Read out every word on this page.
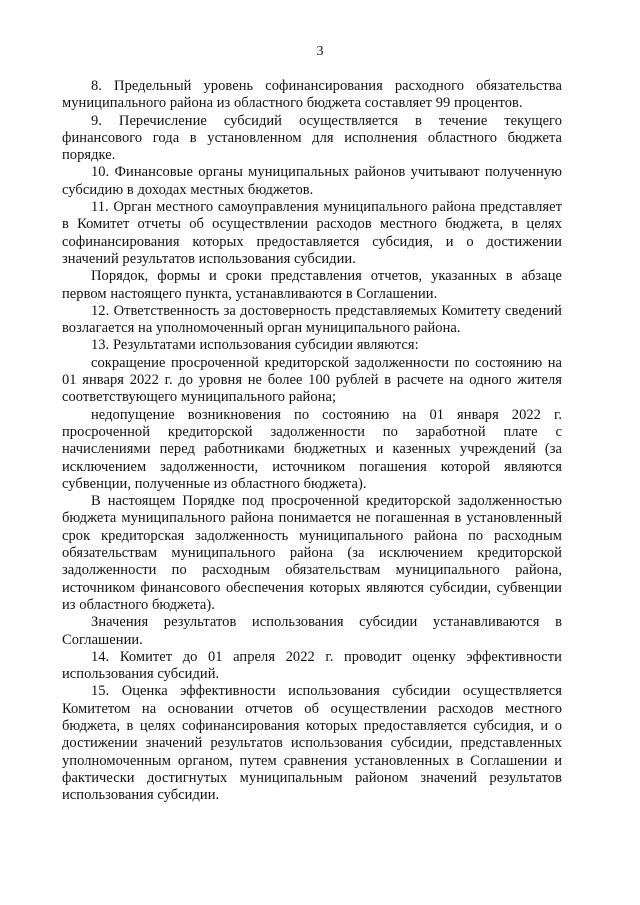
3

8. Предельный уровень софинансирования расходного обязательства муниципального района из областного бюджета составляет 99 процентов.

9. Перечисление субсидий осуществляется в течение текущего финансового года в установленном для исполнения областного бюджета порядке.

10. Финансовые органы муниципальных районов учитывают полученную субсидию в доходах местных бюджетов.

11. Орган местного самоуправления муниципального района представляет в Комитет отчеты об осуществлении расходов местного бюджета, в целях софинансирования которых предоставляется субсидия, и о достижении значений результатов использования субсидии.

Порядок, формы и сроки представления отчетов, указанных в абзаце первом настоящего пункта, устанавливаются в Соглашении.

12. Ответственность за достоверность представляемых Комитету сведений возлагается на уполномоченный орган муниципального района.

13. Результатами использования субсидии являются:

сокращение просроченной кредиторской задолженности по состоянию на 01 января 2022 г. до уровня не более 100 рублей в расчете на одного жителя соответствующего муниципального района;

недопущение возникновения по состоянию на 01 января 2022 г. просроченной кредиторской задолженности по заработной плате с начислениями перед работниками бюджетных и казенных учреждений (за исключением задолженности, источником погашения которой являются субвенции, полученные из областного бюджета).

В настоящем Порядке под просроченной кредиторской задолженностью бюджета муниципального района понимается не погашенная в установленный срок кредиторская задолженность муниципального района по расходным обязательствам муниципального района (за исключением кредиторской задолженности по расходным обязательствам муниципального района, источником финансового обеспечения которых являются субсидии, субвенции из областного бюджета).

Значения результатов использования субсидии устанавливаются в Соглашении.

14. Комитет до 01 апреля 2022 г. проводит оценку эффективности использования субсидий.

15. Оценка эффективности использования субсидии осуществляется Комитетом на основании отчетов об осуществлении расходов местного бюджета, в целях софинансирования которых предоставляется субсидия, и о достижении значений результатов использования субсидии, представленных уполномоченным органом, путем сравнения установленных в Соглашении и фактически достигнутых муниципальным районом значений результатов использования субсидии.
